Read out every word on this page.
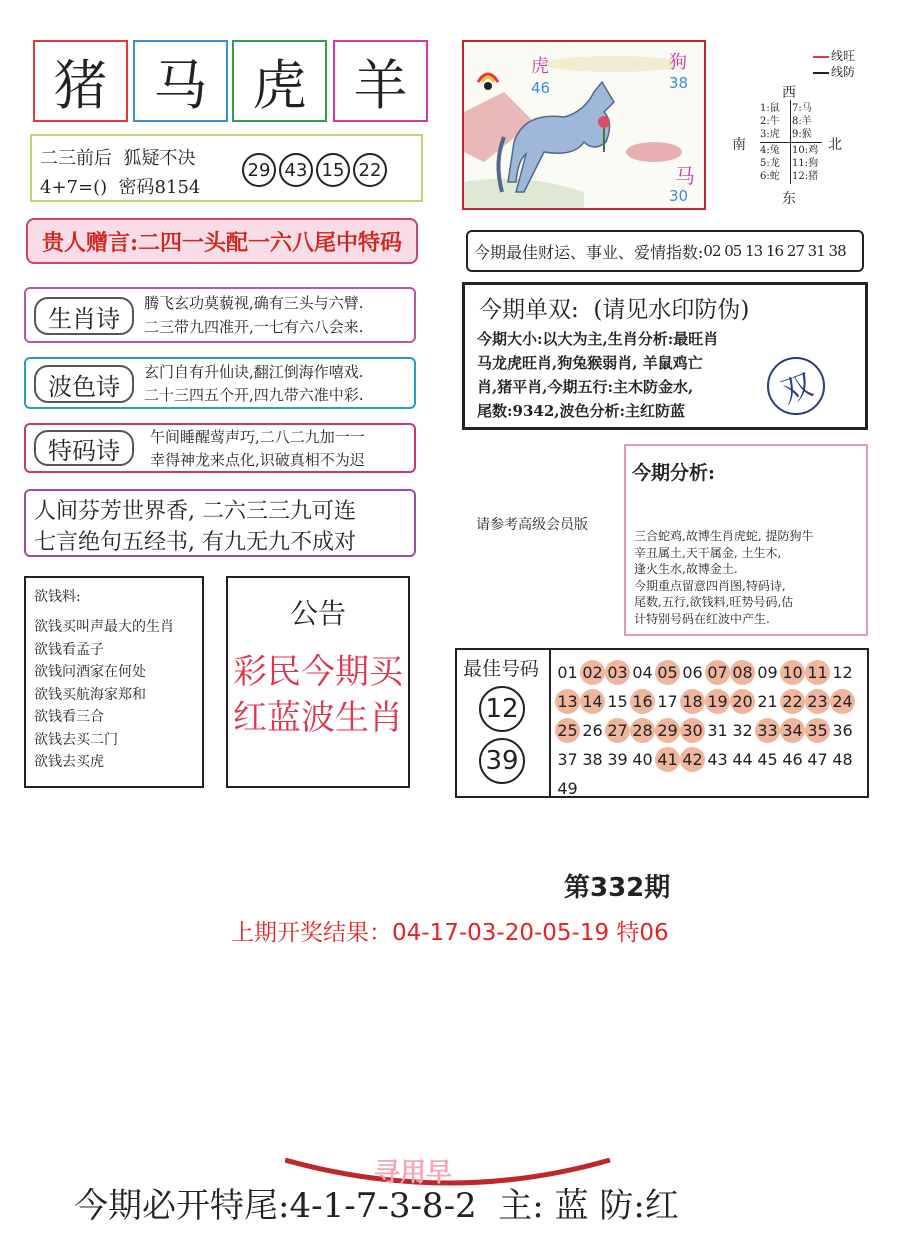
猪 马 虎 羊
二三前后  狐疑不决
4+7=()  密码8154
29 43 15 22
贵人赠言:二四一头配一六八尾中特码
生肖诗
腾飞玄功莫藐视,确有三头与六臂.
二三带九四准开,一七有六八会来.
波色诗
玄门自有升仙诀,翻江倒海作嘻戏.
二十三四五个开,四九带六准中彩.
特码诗	午间睡醒莺声巧,二八二九加一一
幸得神龙来点化,识破真相不为迟
人间芬芳世界香, 二六三三九可连
七言绝句五经书, 有九无九不成对
欲钱料:
欲钱买叫声最大的生肖
欲钱看孟子
欲钱问酒家在何处
欲钱买航海家郑和
欲钱看三合
欲钱去买二门
欲钱去买虎
公告
彩民今期买
红蓝波生肖
虎
46
狗
38
马
30
线旺
线防
西
南	北
东
1:鼠
2:牛
3:虎
7:马
8:羊
9:猴
4:兔
5:龙
6:蛇
10:鸡
11:狗
12:猪
今期最佳财运、事业、爱情指数: 02 05 13 16 27 31 38
今期单双:  (请见水印防伪)
今期大小:以大为主,生肖分析:最旺肖
马龙虎旺肖,狗兔猴弱肖, 羊鼠鸡亡
肖,猪平肖,今期五行:主木防金水,
尾数:9342,波色分析:主红防蓝
双
请参考高级会员版
今期分析:
三合蛇鸡,故博生肖虎蛇, 提防狗牛
辛丑属土,天干属金, 土生木,
逢火生水,故博金土.
今期重点留意四肖图,特码诗,
尾数,五行,欲钱料,旺势号码,估
计特别号码在红波中产生.
最佳号码
12
39
01 02 03 04 05 06 07 08 09 10 11 1213 14 15 16 17 18 19 20 21 22 23 2425 26 27 28 29 30 31 32 33 34 35 3637 38 39 40 41 42 43 44 45 46 47 4849
第332期
上期开奖结果：04-17-03-20-05-19 特06
寻用早
今期必开特尾:4-1-7-3-8-2  主: 蓝 防:红
